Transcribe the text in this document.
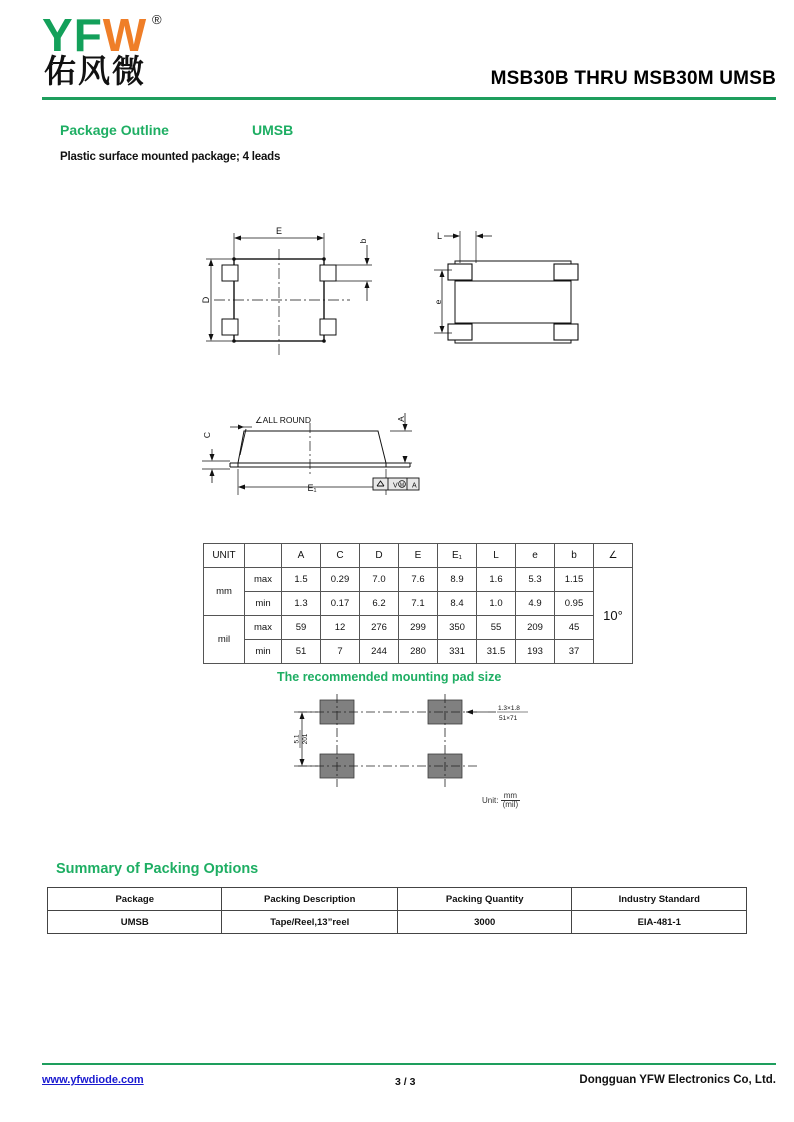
YFW ®
佑风微	MSB30B THRU MSB30M UMSB
Package Outline	UMSB
Plastic surface mounted package; 4 leads
E
D
b	L
e
C
A
E₁
∠ALL ROUND
V M A
UNIT		A	C	D	E	E₁	L	e	b	∠
mm	max	1.5	0.29	7.0	7.6	8.9	1.6	5.3	1.15	10°
	min	1.3	0.17	6.2	7.1	8.4	1.0	4.9	0.95	
mil	max	59	12	276	299	350	55	209	45	
	min	51	7	244	280	331	31.5	193	37	
The recommended mounting pad size
1.3×1.8
51×71
5.1 201
Unit: $\frac{mm}{\text{(mil)}}$
Summary of Packing Options
Package	Packing Description	Packing Quantity	Industry Standard
UMSB	Tape/Reel,13”reel	3000	EIA-481-1
www.yfwdiode.com	3 / 3	Dongguan YFW Electronics Co, Ltd.
